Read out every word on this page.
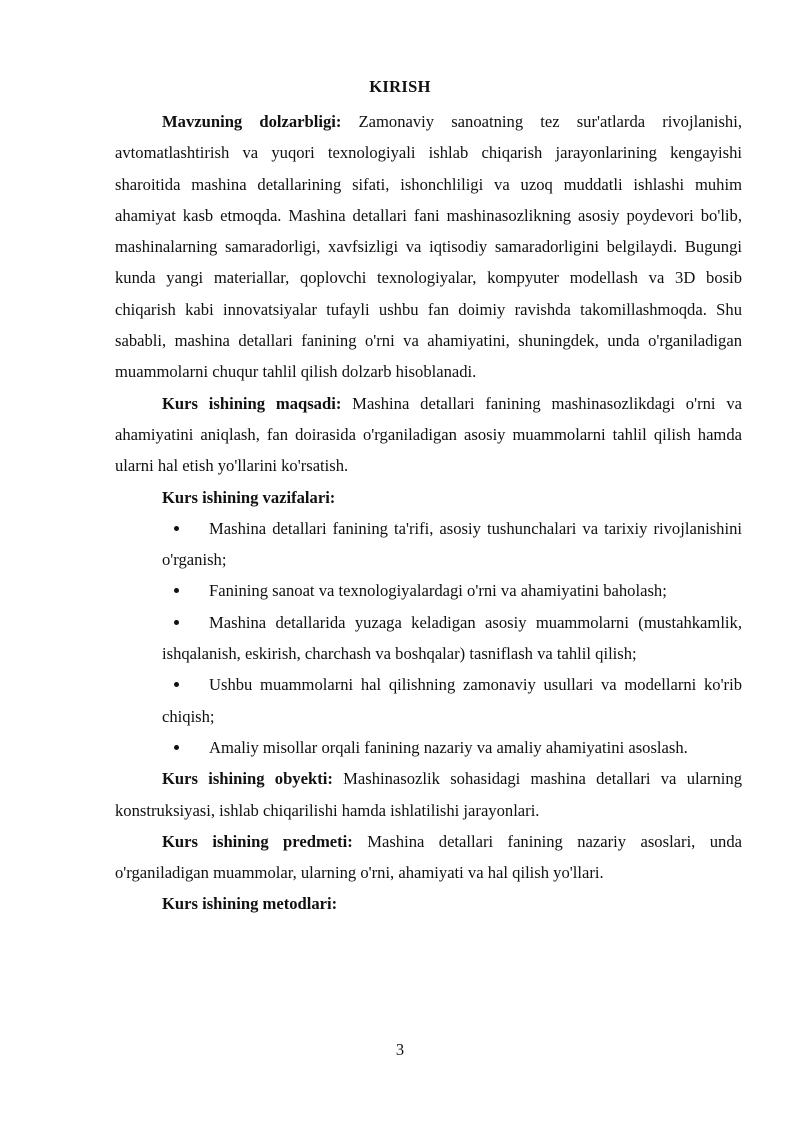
KIRISH

Mavzuning dolzarbligi: Zamonaviy sanoatning tez sur'atlarda rivojlanishi, avtomatlashtirish va yuqori texnologiyali ishlab chiqarish jarayonlarining kengayishi sharoitida mashina detallarining sifati, ishonchliligi va uzoq muddatli ishlashi muhim ahamiyat kasb etmoqda. Mashina detallari fani mashinasozlikning asosiy poydevori bo'lib, mashinalarning samaradorligi, xavfsizligi va iqtisodiy samaradorligini belgilaydi. Bugungi kunda yangi materiallar, qoplovchi texnologiyalar, kompyuter modellash va 3D bosib chiqarish kabi innovatsiyalar tufayli ushbu fan doimiy ravishda takomillashmoqda. Shu sababli, mashina detallari fanining o'rni va ahamiyatini, shuningdek, unda o'rganiladigan muammolarni chuqur tahlil qilish dolzarb hisoblanadi.

Kurs ishining maqsadi: Mashina detallari fanining mashinasozlikdagi o'rni va ahamiyatini aniqlash, fan doirasida o'rganiladigan asosiy muammolarni tahlil qilish hamda ularni hal etish yo'llarini ko'rsatish.

Kurs ishining vazifalari:

Mashina detallari fanining ta'rifi, asosiy tushunchalari va tarixiy rivojlanishini o'rganish;
Fanining sanoat va texnologiyalardagi o'rni va ahamiyatini baholash;
Mashina detallarida yuzaga keladigan asosiy muammolarni (mustahkamlik, ishqalanish, eskirish, charchash va boshqalar) tasniflash va tahlil qilish;
Ushbu muammolarni hal qilishning zamonaviy usullari va modellarni ko'rib chiqish;
Amaliy misollar orqali fanining nazariy va amaliy ahamiyatini asoslash.

Kurs ishining obyekti: Mashinasozlik sohasidagi mashina detallari va ularning konstruksiyasi, ishlab chiqarilishi hamda ishlatilishi jarayonlari.

Kurs ishining predmeti: Mashina detallari fanining nazariy asoslari, unda o'rganiladigan muammolar, ularning o'rni, ahamiyati va hal qilish yo'llari.

Kurs ishining metodlari:

3
